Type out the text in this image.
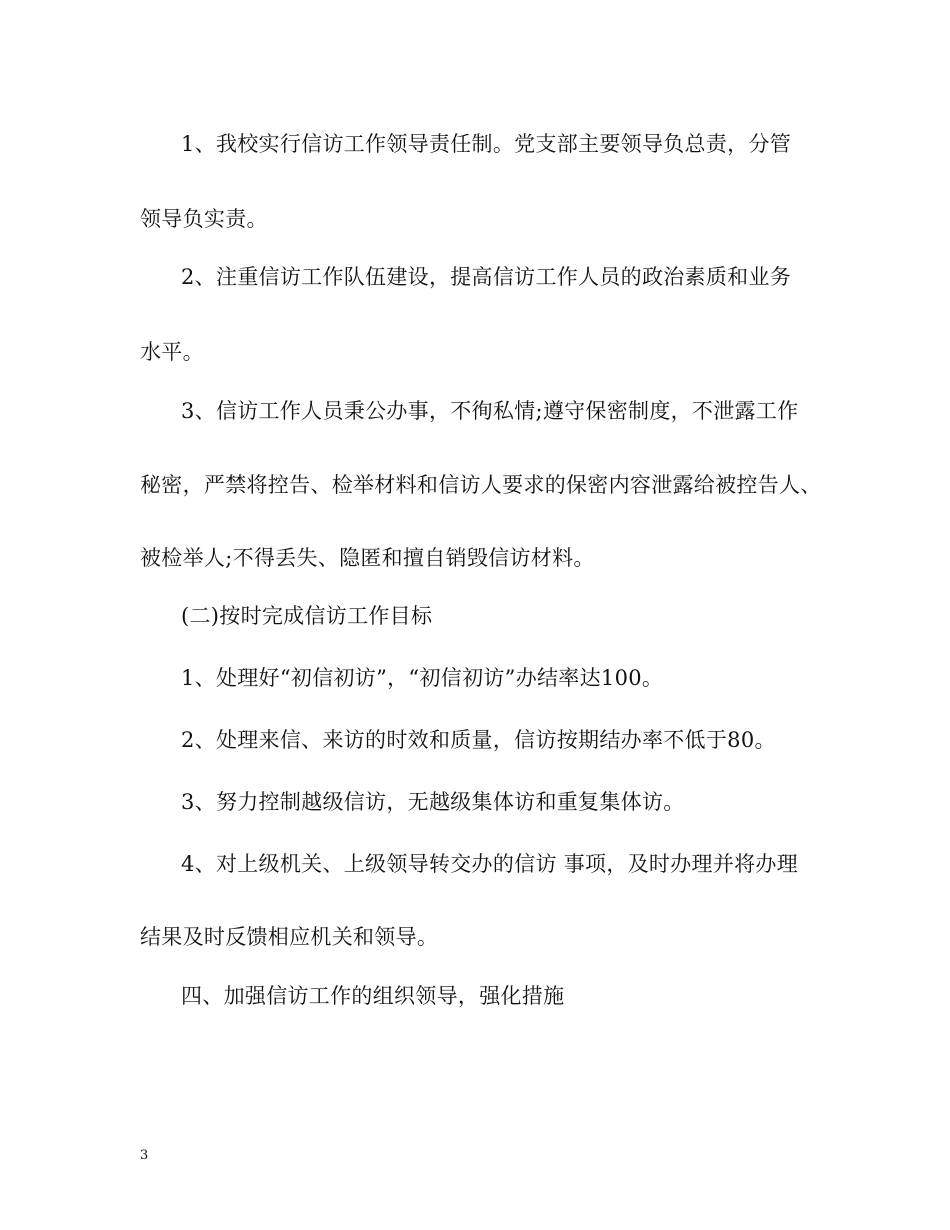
1、我校实行信访工作领导责任制。党支部主要领导负总责，分管
领导负实责。
2、注重信访工作队伍建设，提高信访工作人员的政治素质和业务
水平。
3、信访工作人员秉公办事，不徇私情;遵守保密制度，不泄露工作
秘密，严禁将控告、检举材料和信访人要求的保密内容泄露给被控告人、
被检举人;不得丢失、隐匿和擅自销毁信访材料。
(二)按时完成信访工作目标
1、处理好“初信初访”，“初信初访”办结率达100。
2、处理来信、来访的时效和质量，信访按期结办率不低于80。
3、努力控制越级信访，无越级集体访和重复集体访。
4、对上级机关、上级领导转交办的信访 事项，及时办理并将办理
结果及时反馈相应机关和领导。
四、加强信访工作的组织领导，强化措施
3
